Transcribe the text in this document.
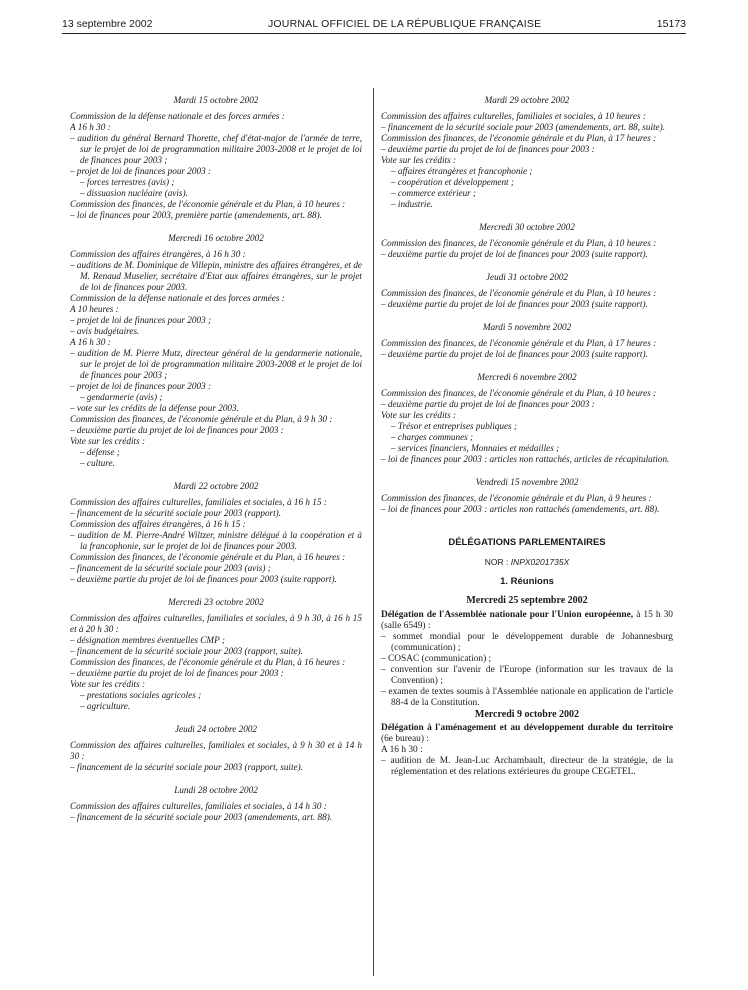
13 septembre 2002	JOURNAL OFFICIEL DE LA RÉPUBLIQUE FRANÇAISE	15173

Mardi 15 octobre 2002

Commission de la défense nationale et des forces armées :

A 16 h 30 :

– audition du général Bernard Thorette, chef d'état-major de l'armée de terre, sur le projet de loi de programmation militaire 2003-2008 et le projet de loi de finances pour 2003 ;

– projet de loi de finances pour 2003 :

– forces terrestres (avis) ;

– dissuasion nucléaire (avis).

Commission des finances, de l'économie générale et du Plan, à 10 heures :

– loi de finances pour 2003, première partie (amendements, art. 88).

Mercredi 16 octobre 2002

Commission des affaires étrangères, à 16 h 30 :

– auditions de M. Dominique de Villepin, ministre des affaires étrangères, et de M. Renaud Muselier, secrétaire d'Etat aux affaires étrangères, sur le projet de loi de finances pour 2003.

Commission de la défense nationale et des forces armées :

A 10 heures :

– projet de loi de finances pour 2003 ;

– avis budgétaires.

A 16 h 30 :

– audition de M. Pierre Mutz, directeur général de la gendarmerie nationale, sur le projet de loi de programmation militaire 2003-2008 et le projet de loi de finances pour 2003 ;

– projet de loi de finances pour 2003 :

– gendarmerie (avis) ;

– vote sur les crédits de la défense pour 2003.

Commission des finances, de l'économie générale et du Plan, à 9 h 30 :

– deuxième partie du projet de loi de finances pour 2003 :

Vote sur les crédits :

– défense ;

– culture.

Mardi 22 octobre 2002

Commission des affaires culturelles, familiales et sociales, à 16 h 15 :

– financement de la sécurité sociale pour 2003 (rapport).

Commission des affaires étrangères, à 16 h 15 :

– audition de M. Pierre-André Wiltzer, ministre délégué à la coopération et à la francophonie, sur le projet de loi de finances pour 2003.

Commission des finances, de l'économie générale et du Plan, à 16 heures :

– financement de la sécurité sociale pour 2003 (avis) ;

– deuxième partie du projet de loi de finances pour 2003 (suite rapport).

Mercredi 23 octobre 2002

Commission des affaires culturelles, familiales et sociales, à 9 h 30, à 16 h 15 et à 20 h 30 :

– désignation membres éventuelles CMP ;

– financement de la sécurité sociale pour 2003 (rapport, suite).

Commission des finances, de l'économie générale et du Plan, à 16 heures :

– deuxième partie du projet de loi de finances pour 2003 :

Vote sur les crédits :

– prestations sociales agricoles ;

– agriculture.

Jeudi 24 octobre 2002

Commission des affaires culturelles, familiales et sociales, à 9 h 30 et à 14 h 30 :

– financement de la sécurité sociale pour 2003 (rapport, suite).

Lundi 28 octobre 2002

Commission des affaires culturelles, familiales et sociales, à 14 h 30 :

– financement de la sécurité sociale pour 2003 (amendements, art. 88).

Mardi 29 octobre 2002

Commission des affaires culturelles, familiales et sociales, à 10 heures :

– financement de la sécurité sociale pour 2003 (amendements, art. 88, suite).

Commission des finances, de l'économie générale et du Plan, à 17 heures :

– deuxième partie du projet de loi de finances pour 2003 :

Vote sur les crédits :

– affaires étrangères et francophonie ;

– coopération et développement ;

– commerce extérieur ;

– industrie.

Mercredi 30 octobre 2002

Commission des finances, de l'économie générale et du Plan, à 10 heures :

– deuxième partie du projet de loi de finances pour 2003 (suite rapport).

Jeudi 31 octobre 2002

Commission des finances, de l'économie générale et du Plan, à 10 heures :

– deuxième partie du projet de loi de finances pour 2003 (suite rapport).

Mardi 5 novembre 2002

Commission des finances, de l'économie générale et du Plan, à 17 heures :

– deuxième partie du projet de loi de finances pour 2003 (suite rapport).

Mercredi 6 novembre 2002

Commission des finances, de l'économie générale et du Plan, à 10 heures :

– deuxième partie du projet de loi de finances pour 2003 :

Vote sur les crédits :

– Trésor et entreprises publiques ;

– charges communes ;

– services financiers, Monnaies et médailles ;

– loi de finances pour 2003 : articles non rattachés, articles de récapitulation.

Vendredi 15 novembre 2002

Commission des finances, de l'économie générale et du Plan, à 9 heures :

– loi de finances pour 2003 : articles non rattachés (amendements, art. 88).

DÉLÉGATIONS PARLEMENTAIRES

NOR : INPX0201735X

1. Réunions

Mercredi 25 septembre 2002

Délégation de l'Assemblée nationale pour l'Union européenne, à 15 h 30 (salle 6549) :

– sommet mondial pour le développement durable de Johannesburg (communication) ;

– COSAC (communication) ;

– convention sur l'avenir de l'Europe (information sur les travaux de la Convention) ;

– examen de textes soumis à l'Assemblée nationale en application de l'article 88-4 de la Constitution.

Mercredi 9 octobre 2002

Délégation à l'aménagement et au développement durable du territoire (6e bureau) :

A 16 h 30 :

– audition de M. Jean-Luc Archambault, directeur de la stratégie, de la réglementation et des relations extérieures du groupe CEGETEL.
